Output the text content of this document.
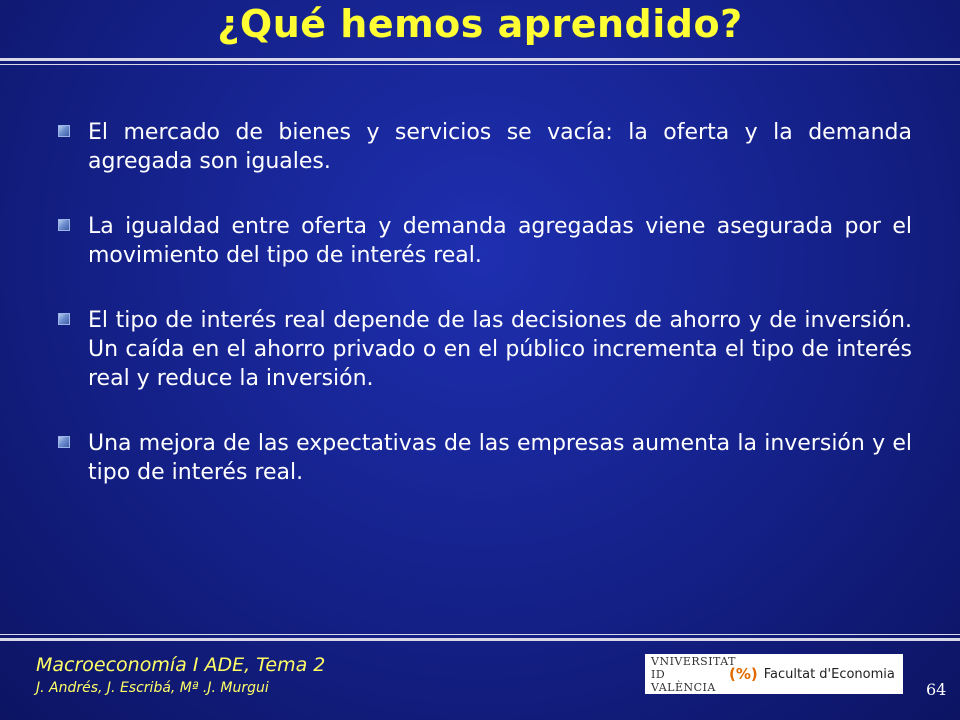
¿Qué hemos aprendido?
El mercado de bienes y servicios se vacía: la oferta y la demanda agregada son iguales.
La igualdad entre oferta y demanda agregadas viene asegurada por el movimiento del tipo de interés real.
El tipo de interés real depende de las decisiones de ahorro y de inversión. Un caída en el ahorro privado o en el público incrementa el tipo de interés real y reduce la inversión.
Una mejora de las expectativas de las empresas aumenta la inversión y el tipo de interés real.
Macroeconomía I ADE, Tema 2
J. Andrés, J. Escribá, Mª .J. Murgui
VNIVERSITAT
ID VALÈNCIA
(%) Facultat d'Economia
64
